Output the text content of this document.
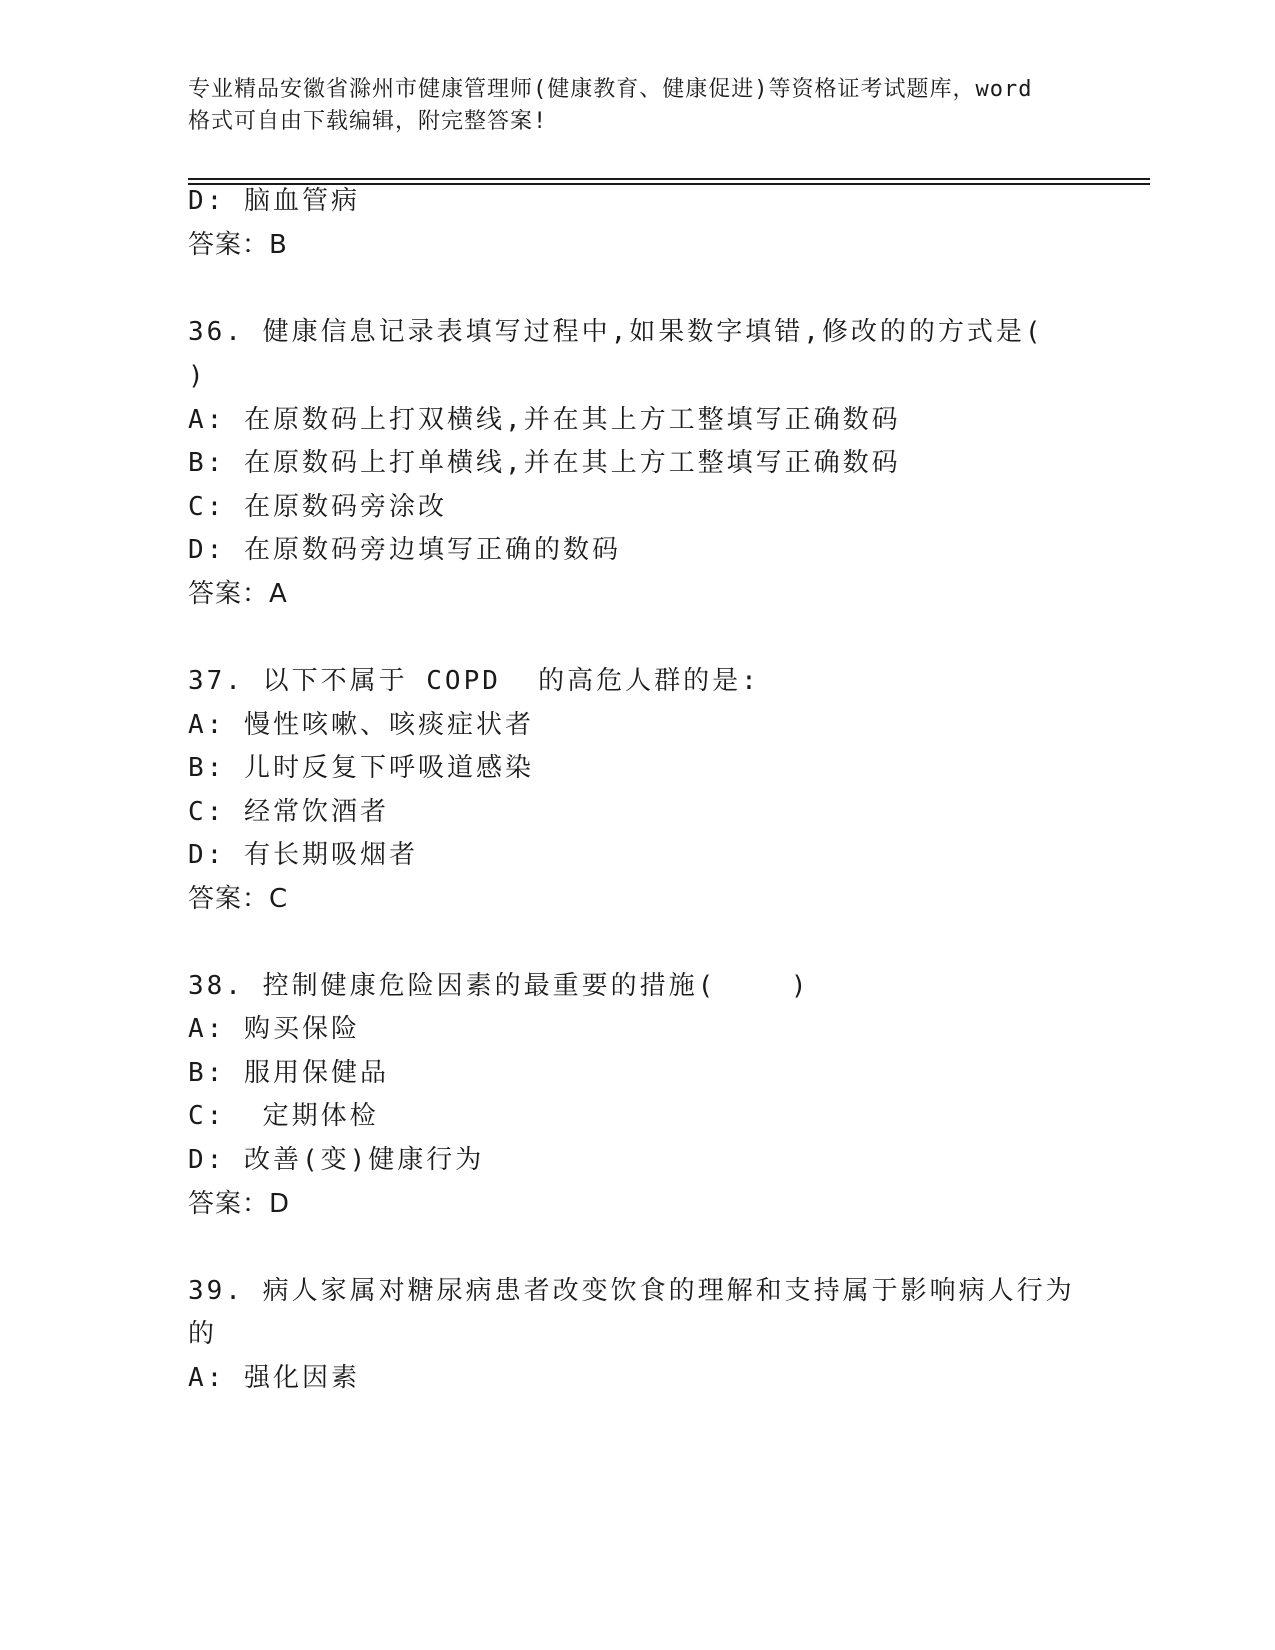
专业精品安徽省滁州市健康管理师(健康教育、健康促进)等资格证考试题库，word
格式可自由下载编辑，附完整答案!
D: 脑血管病
答案：B
36. 健康信息记录表填写过程中,如果数字填错,修改的的方式是(
)
A: 在原数码上打双横线,并在其上方工整填写正确数码
B: 在原数码上打单横线,并在其上方工整填写正确数码
C: 在原数码旁涂改
D: 在原数码旁边填写正确的数码
答案：A
37. 以下不属于 COPD  的高危人群的是:
A: 慢性咳嗽、咳痰症状者
B: 儿时反复下呼吸道感染
C: 经常饮酒者
D: 有长期吸烟者
答案：C
38. 控制健康危险因素的最重要的措施(    )
A: 购买保险
B: 服用保健品
C:  定期体检
D: 改善(变)健康行为
答案：D
39. 病人家属对糖尿病患者改变饮食的理解和支持属于影响病人行为
的
A: 强化因素
